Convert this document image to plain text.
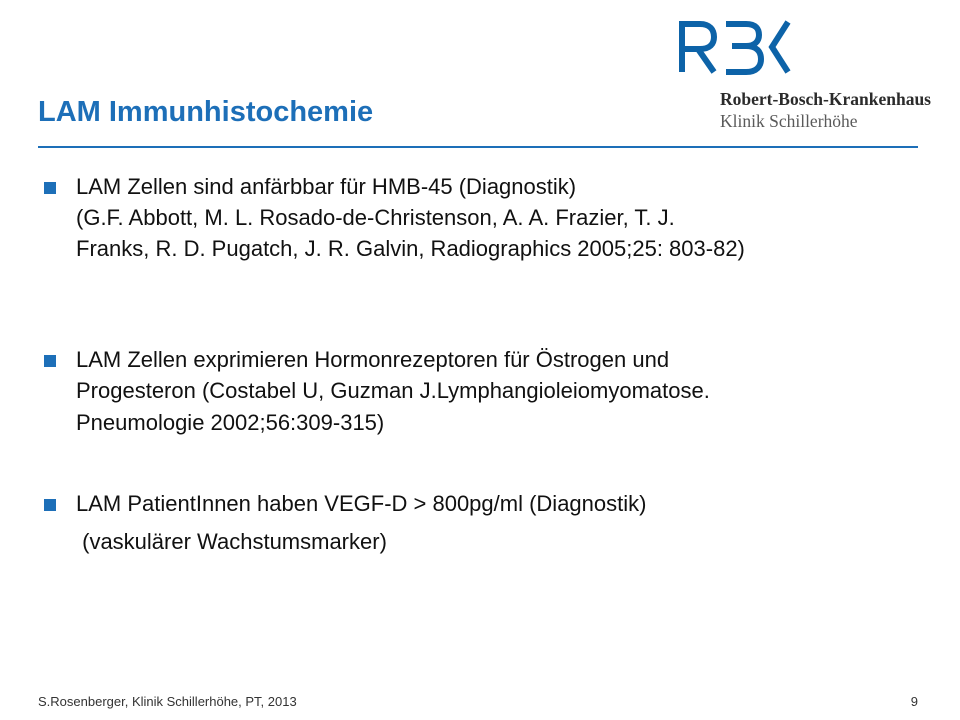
Robert-Bosch-Krankenhaus
Klinik Schillerhöhe
LAM Immunhistochemie
LAM Zellen sind anfärbbar für HMB-45 (Diagnostik)
(G.F. Abbott, M. L. Rosado-de-Christenson, A. A. Frazier, T. J.
Franks, R. D. Pugatch, J. R. Galvin, Radiographics 2005;25: 803-82)
LAM Zellen exprimieren Hormonrezeptoren für Östrogen und
Progesteron (Costabel U, Guzman J.Lymphangioleiomyomatose.
Pneumologie 2002;56:309-315)
LAM PatientInnen haben VEGF-D > 800pg/ml (Diagnostik)
(vaskulärer Wachstumsmarker)
S.Rosenberger, Klinik Schillerhöhe, PT, 2013	9
